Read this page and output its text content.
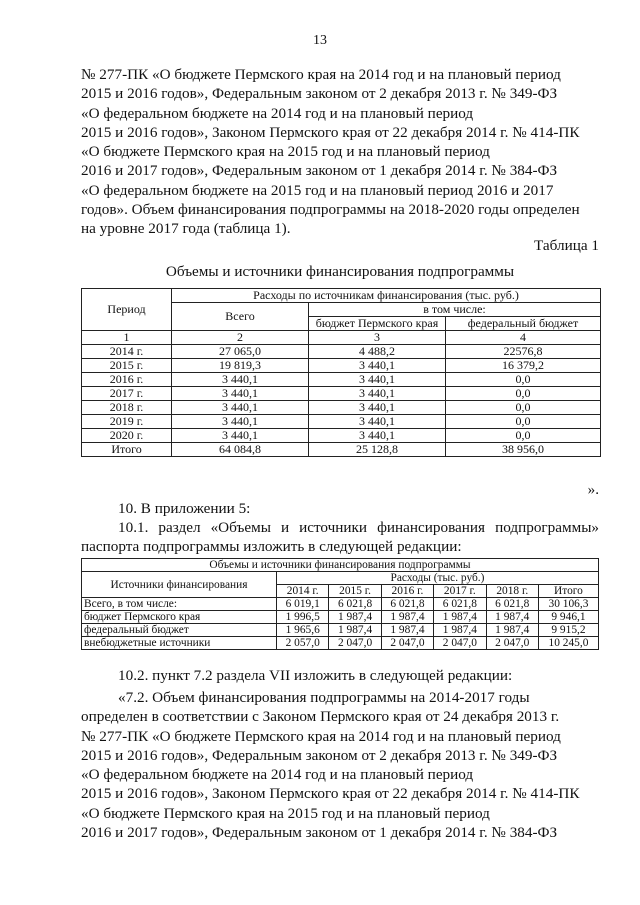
13

№ 277-ПК «О бюджете Пермского края на 2014 год и на плановый период

2015 и 2016 годов», Федеральным законом от 2 декабря 2013 г. № 349-ФЗ

«О федеральном бюджете на 2014 год и на плановый период

2015 и 2016 годов», Законом Пермского края от 22 декабря 2014 г. № 414-ПК

«О бюджете Пермского края на 2015 год и на плановый период

2016 и 2017 годов», Федеральным законом от 1 декабря 2014 г. № 384-ФЗ

«О федеральном бюджете на 2015 год и на плановый период 2016 и 2017

годов». Объем финансирования подпрограммы на 2018-2020 годы определен

на уровне 2017 года (таблица 1).

Таблица 1
Объемы и источники финансирования подпрограммы
Период	Расходы по источникам финансирования (тыс. руб.)		
	Всего	в том числе:	
		бюджет Пермского края	федеральный бюджет
1	2	3	4
2014 г.	27 065,0	4 488,2	22576,8
2015 г.	19 819,3	3 440,1	16 379,2
2016 г.	3 440,1	3 440,1	0,0
2017 г.	3 440,1	3 440,1	0,0
2018 г.	3 440,1	3 440,1	0,0
2019 г.	3 440,1	3 440,1	0,0
2020 г.	3 440,1	3 440,1	0,0
Итого	64 084,8	25 128,8	38 956,0
».
10. В приложении 5:
10.1. раздел «Объемы и источники финансирования подпрограммы» паспорта подпрограммы изложить в следующей редакции:
Объемы и источники финансирования подпрограммы						
Источники финансирования	Расходы (тыс. руб.)					
	2014 г.	2015 г.	2016 г.	2017 г.	2018 г.	Итого
Всего, в том числе:	6 019,1	6 021,8	6 021,8	6 021,8	6 021,8	30 106,3
бюджет Пермского края	1 996,5	1 987,4	1 987,4	1 987,4	1 987,4	9 946,1
федеральный бюджет	1 965,6	1 987,4	1 987,4	1 987,4	1 987,4	9 915,2
внебюджетные источники	2 057,0	2 047,0	2 047,0	2 047,0	2 047,0	10 245,0
10.2. пункт 7.2 раздела VII изложить в следующей редакции:

«7.2. Объем финансирования подпрограммы на 2014-2017 годы

определен в соответствии с Законом Пермского края от 24 декабря 2013 г.

№ 277-ПК «О бюджете Пермского края на 2014 год и на плановый период

2015 и 2016 годов», Федеральным законом от 2 декабря 2013 г. № 349-ФЗ

«О федеральном бюджете на 2014 год и на плановый период

2015 и 2016 годов», Законом Пермского края от 22 декабря 2014 г. № 414-ПК

«О бюджете Пермского края на 2015 год и на плановый период

2016 и 2017 годов», Федеральным законом от 1 декабря 2014 г. № 384-ФЗ
